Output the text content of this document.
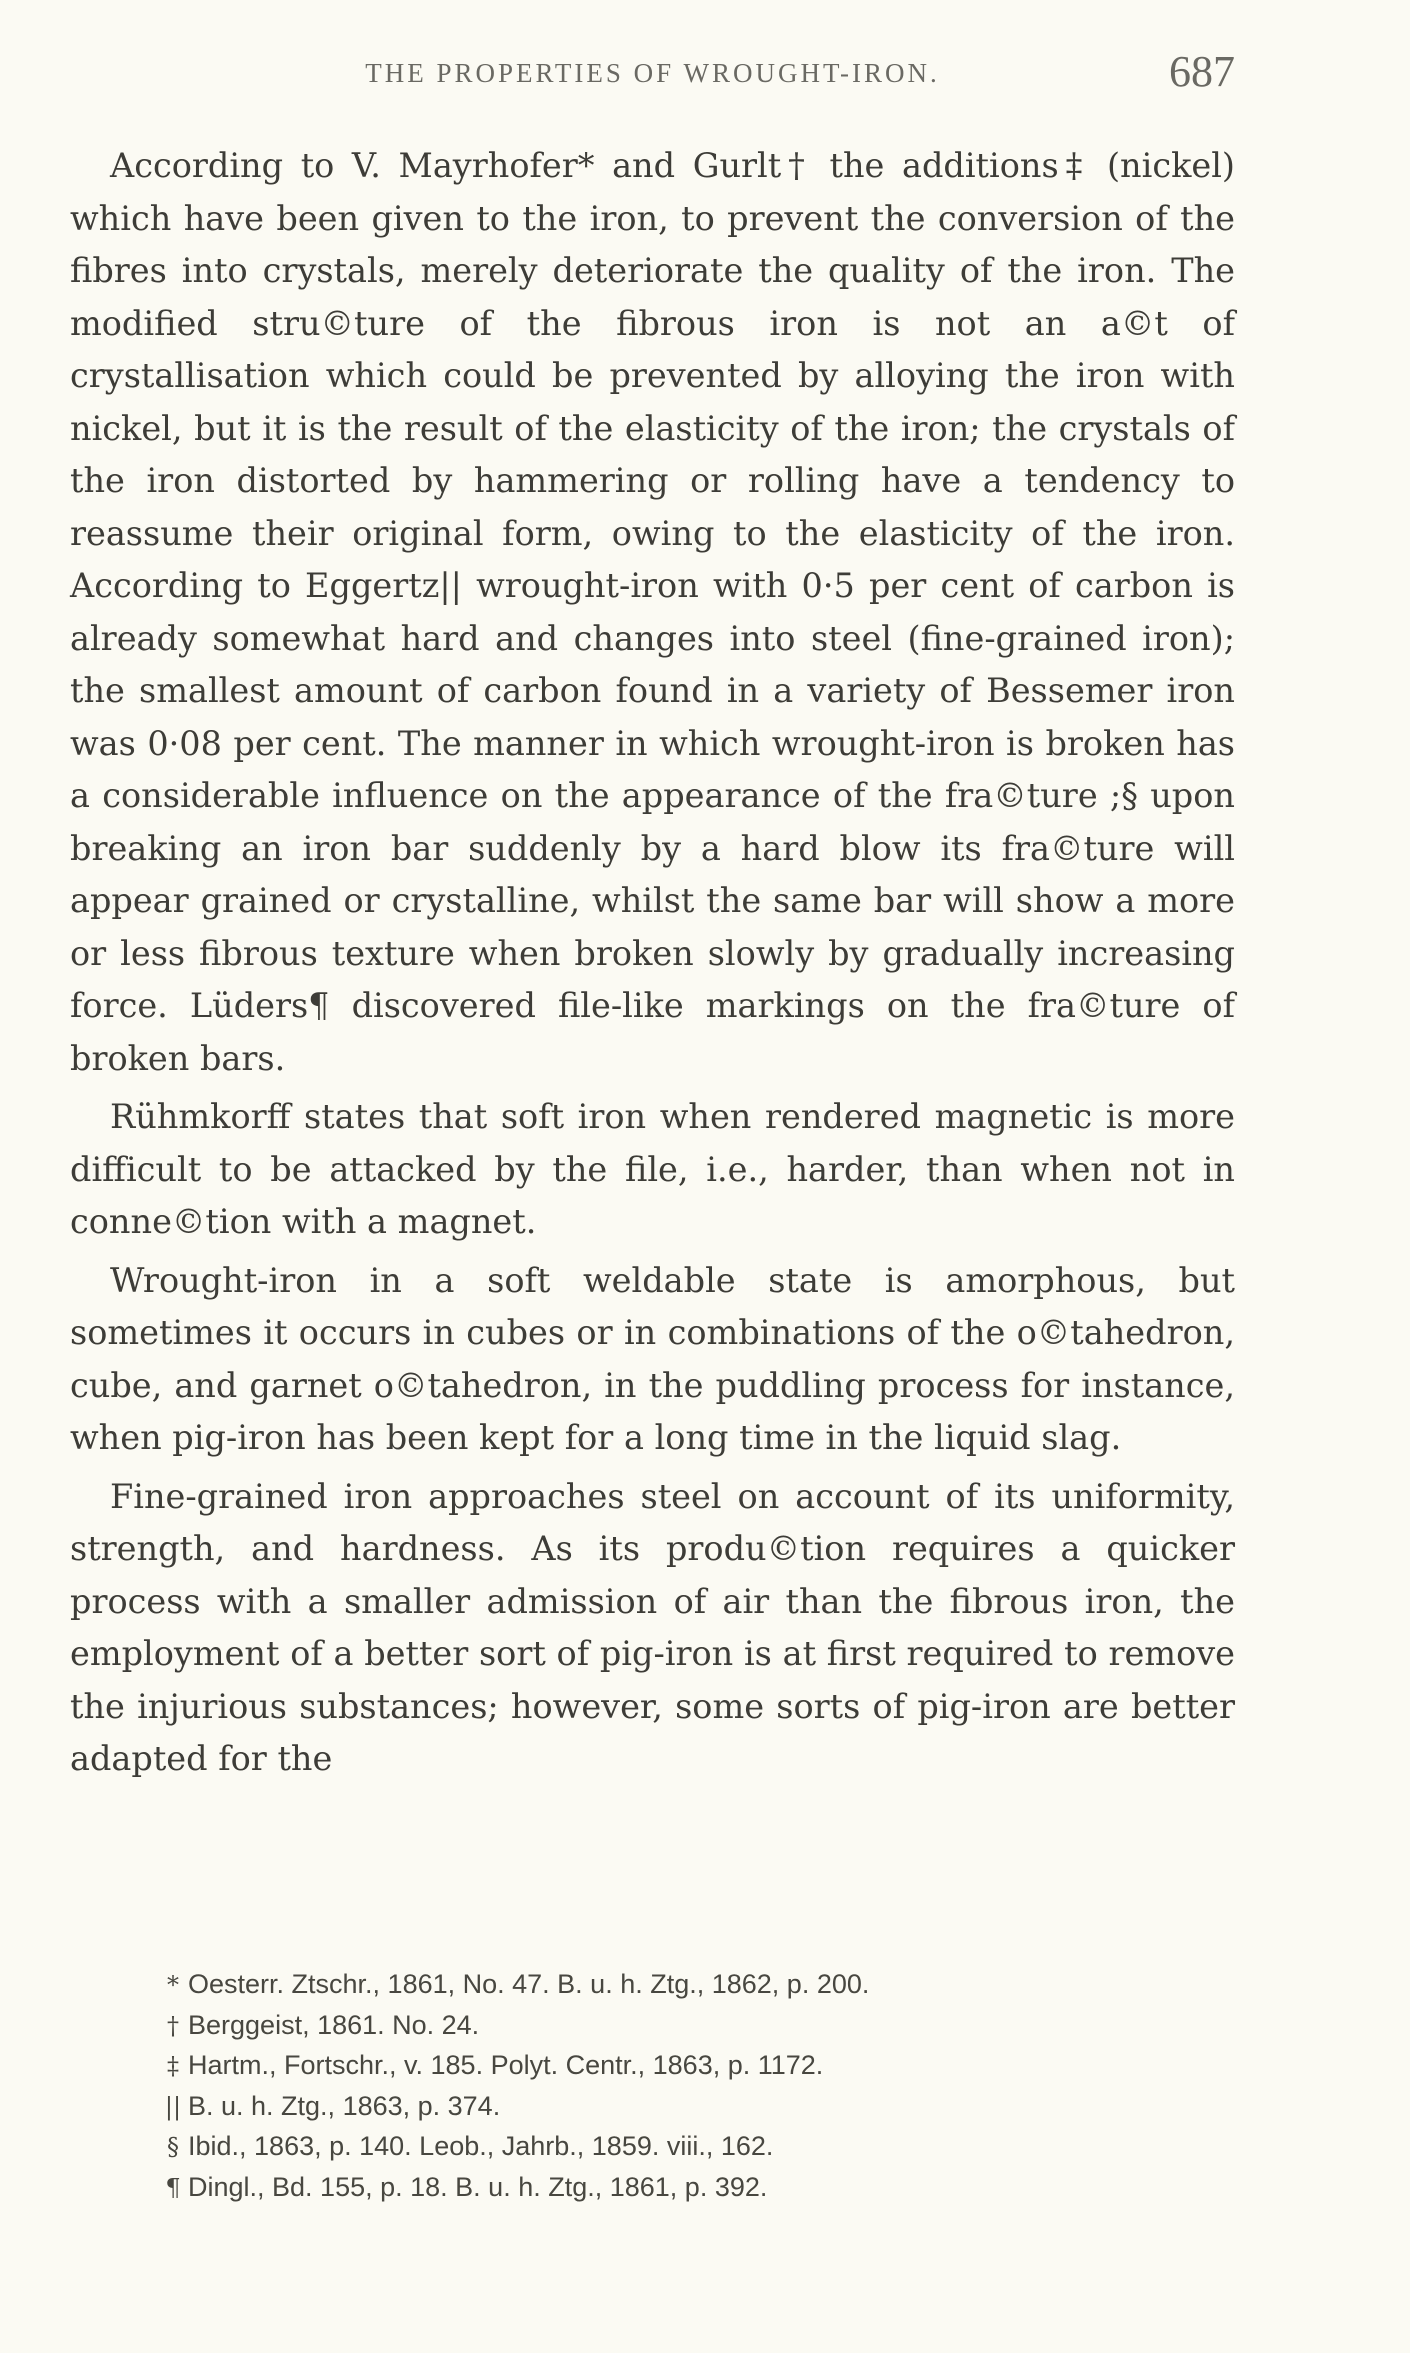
THE PROPERTIES OF WROUGHT-IRON.	687

According to V. Mayrhofer* and Gurlt† the additions‡ (nickel) which have been given to the iron, to prevent the conversion of the fibres into crystals, merely deteriorate the quality of the iron. The modified stru©ture of the fibrous iron is not an a©t of crystallisation which could be prevented by alloying the iron with nickel, but it is the result of the elasticity of the iron; the crystals of the iron distorted by hammering or rolling have a tendency to reassume their original form, owing to the elasticity of the iron. According to Eggertz|| wrought-iron with 0·5 per cent of carbon is already somewhat hard and changes into steel (fine-grained iron); the smallest amount of carbon found in a variety of Bessemer iron was 0·08 per cent. The manner in which wrought-iron is broken has a considerable influence on the appearance of the fra©ture ;§ upon breaking an iron bar suddenly by a hard blow its fra©ture will appear grained or crystalline, whilst the same bar will show a more or less fibrous texture when broken slowly by gradually increasing force. Lüders¶ discovered file-like markings on the fra©ture of broken bars.

Rühmkorff states that soft iron when rendered magnetic is more difficult to be attacked by the file, i.e., harder, than when not in conne©tion with a magnet.

Wrought-iron in a soft weldable state is amorphous, but sometimes it occurs in cubes or in combinations of the o©tahedron, cube, and garnet o©tahedron, in the puddling process for instance, when pig-iron has been kept for a long time in the liquid slag.

Fine-grained iron approaches steel on account of its uniformity, strength, and hardness. As its produ©tion requires a quicker process with a smaller admission of air than the fibrous iron, the employment of a better sort of pig-iron is at first required to remove the injurious substances; however, some sorts of pig-iron are better adapted for the

* Oesterr. Ztschr., 1861, No. 47. B. u. h. Ztg., 1862, p. 200.
† Berggeist, 1861. No. 24.
‡ Hartm., Fortschr., v. 185. Polyt. Centr., 1863, p. 1172.
|| B. u. h. Ztg., 1863, p. 374.
§ Ibid., 1863, p. 140. Leob., Jahrb., 1859. viii., 162.
¶ Dingl., Bd. 155, p. 18. B. u. h. Ztg., 1861, p. 392.
